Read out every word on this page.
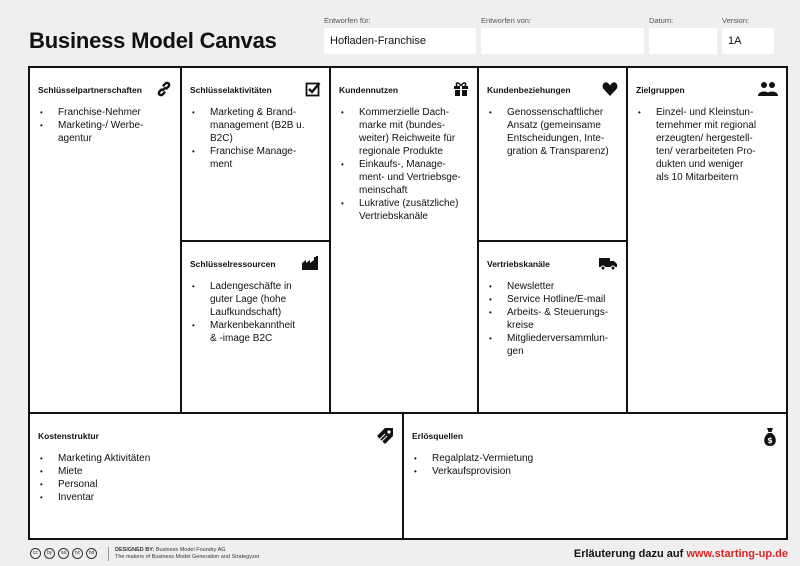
Business Model Canvas
Entworfen für:
Hofladen-Franchise
Entworfen von:	Datum:	Version:
1A
Schlüsselpartnerschaften
• Franchise-Nehmer
• Marketing-/ Werbe-
agentur
Schlüsselaktivitäten
• Marketing & Brand-
management (B2B u.
B2C)
• Franchise Manage-
ment
Schlüsselressourcen
• Ladengeschäfte in
guter Lage (hohe
Laufkundschaft)
• Markenbekanntheit
& -image B2C
Kundennutzen
• Kommerzielle Dach-
marke mit (bundes-
weiter) Reichweite für
regionale Produkte
• Einkaufs-, Manage-
ment- und Vertriebsge-
meinschaft
• Lukrative (zusätzliche)
Vertriebskanäle
Kundenbeziehungen
• Genossenschaftlicher
Ansatz (gemeinsame
Entscheidungen, Inte-
gration & Transparenz)
Vertriebskanäle
• Newsletter
• Service Hotline/E-mail
• Arbeits- & Steuerungs-
kreise
• Mitgliederversammlun-
gen
Zielgruppen
• Einzel- und Kleinstun-
ternehmer mit regional
erzeugten/ hergestell-
ten/ verarbeiteten Pro-
dukten und weniger
als 10 Mitarbeitern
Kostenstruktur
• Marketing Aktivitäten
• Miete
• Personal
• Inventar
Erlösquellen	$
• Regalplatz-Vermietung
• Verkaufsprovision
cc	by	sa	nc	nd	DESIGNED BY: Business Model Foundry AG
The makers of Business Model Generation and Strategyzer	Erläuterung dazu auf www.starting-up.de
